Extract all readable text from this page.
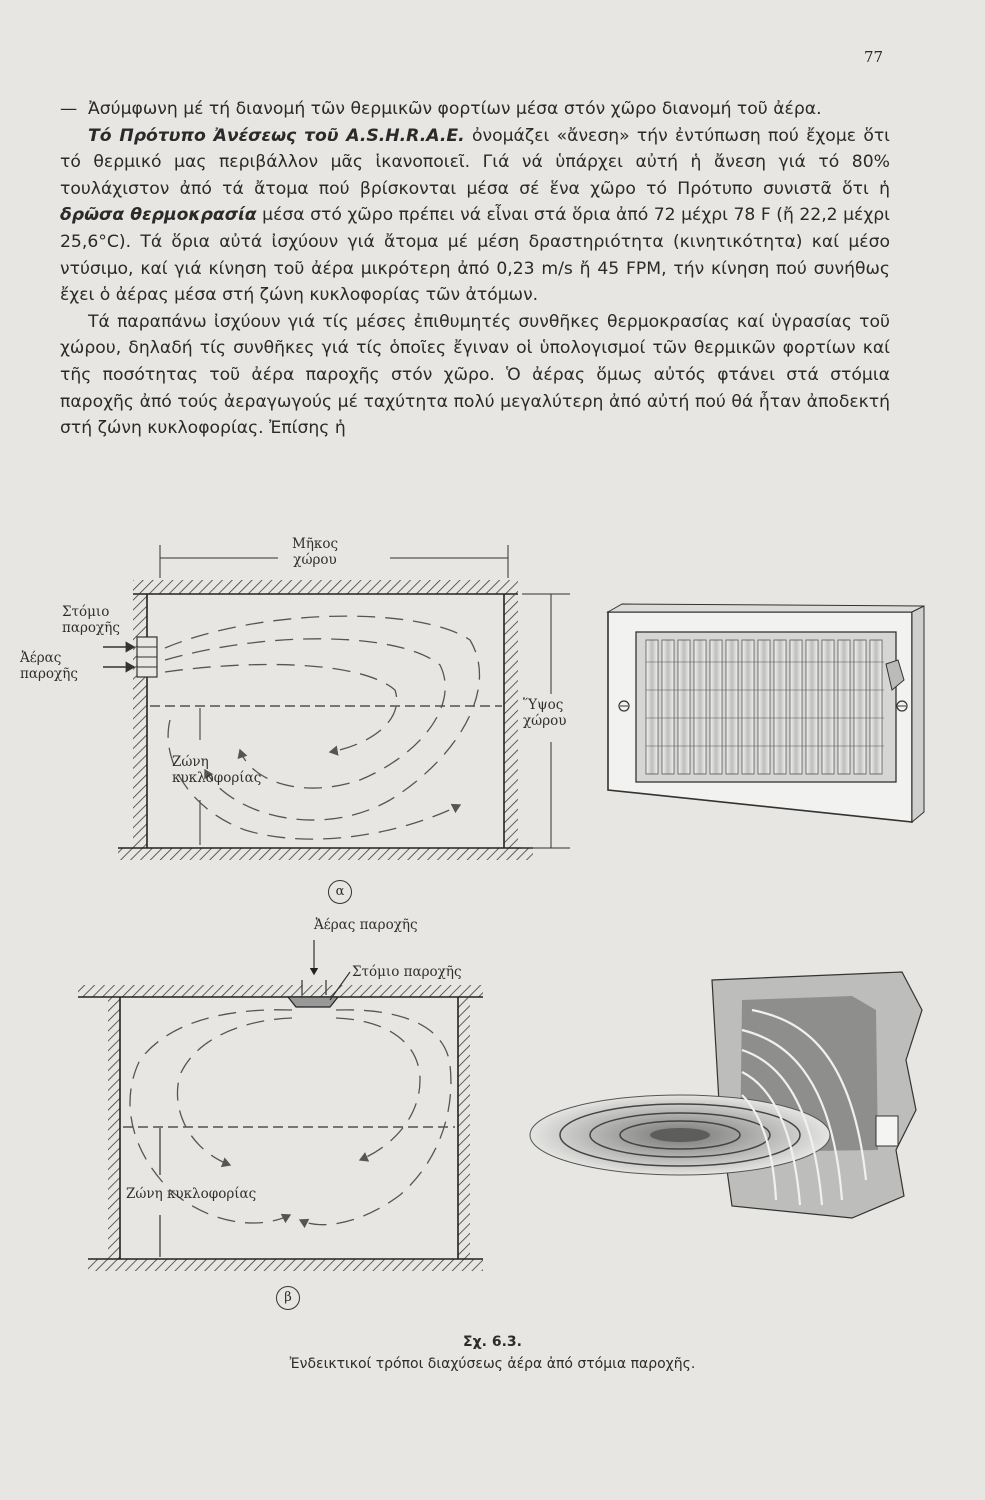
77

— Ἀσύμφωνη μέ τή διανομή τῶν θερμικῶν φορτίων μέσα στόν χῶρο διανομή τοῦ ἀέρα.

Τό Πρότυπο Ἀνέσεως τοῦ A.S.H.R.A.E. ὀνομάζει «ἄνεση» τήν ἐντύπωση πού ἔχομε ὅτι τό θερμικό μας περιβάλλον μᾶς ἱκανοποιεῖ. Γιά νά ὑπάρχει αὐτή ἡ ἄνεση γιά τό 80% τουλάχιστον ἀπό τά ἄτομα πού βρίσκονται μέσα σέ ἕνα χῶρο τό Πρότυπο συνιστᾶ ὅτι ἡ δρῶσα θερμοκρασία μέσα στό χῶρο πρέπει νά εἶναι στά ὅρια ἀπό 72 μέχρι 78 F (ἤ 22,2 μέχρι 25,6°C). Τά ὅρια αὐτά ἰσχύουν γιά ἄτομα μέ μέση δραστηριότητα (κινητικότητα) καί μέσο ντύσιμο, καί γιά κίνηση τοῦ ἀέρα μικρότερη ἀπό 0,23 m/s ἤ 45 FPM, τήν κίνηση πού συνήθως ἔχει ὁ ἀέρας μέσα στή ζώνη κυκλοφορίας τῶν ἀτόμων.

Τά παραπάνω ἰσχύουν γιά τίς μέσες ἐπιθυμητές συνθῆκες θερμοκρασίας καί ὑγρασίας τοῦ χώρου, δηλαδή τίς συνθῆκες γιά τίς ὁποῖες ἔγιναν οἱ ὑπολογισμοί τῶν θερμικῶν φορτίων καί τῆς ποσότητας τοῦ ἀέρα παροχῆς στόν χῶρο. Ὁ ἀέρας ὅμως αὐτός φτάνει στά στόμια παροχῆς ἀπό τούς ἀεραγωγούς μέ ταχύτητα πολύ μεγαλύτερη ἀπό αὐτή πού θά ἦταν ἀποδεκτή στή ζώνη κυκλοφορίας. Ἐπίσης ἡ

Μῆκος
χώρου
Στόμιο
παροχῆς
Ἀέρας
παροχῆς
Ὕψος
χώρου
Ζώνη
κυκλοφορίας
α
Ἀέρας παροχῆς
Στόμιο παροχῆς
Ζώνη κυκλοφορίας
β
Σχ. 6.3.
Ἐνδεικτικοί τρόποι διαχύσεως ἀέρα ἀπό στόμια παροχῆς.
